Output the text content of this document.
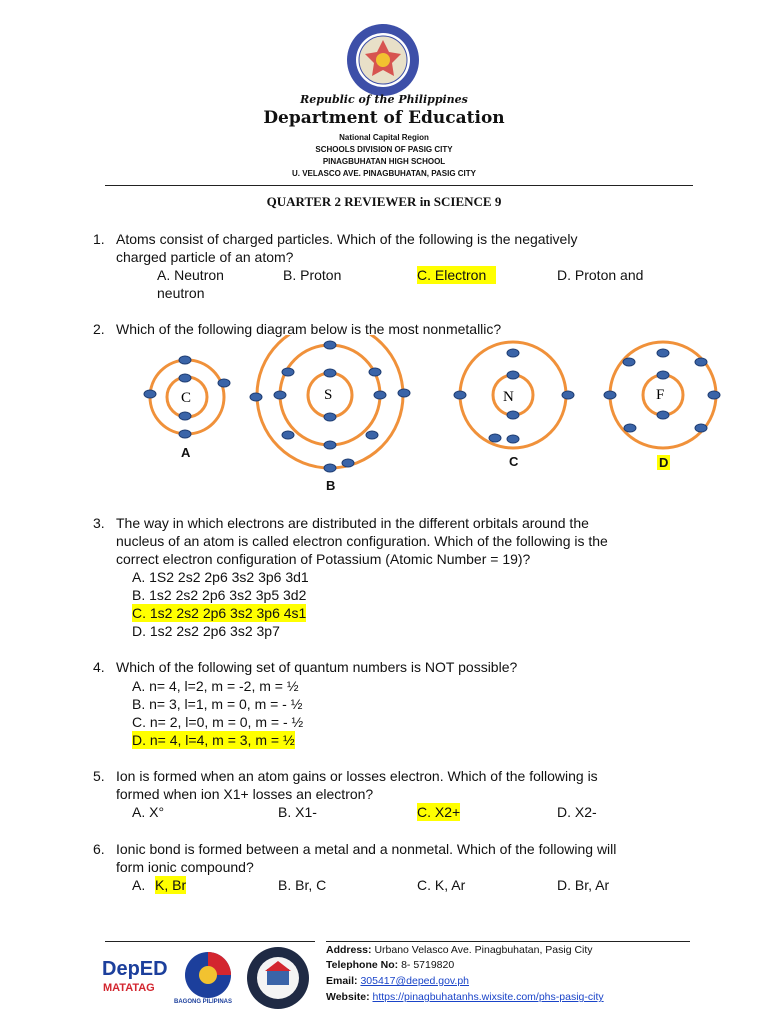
Republic of the Philippines
Department of Education
National Capital Region
SCHOOLS DIVISION OF PASIG CITY
PINAGBUHATAN HIGH SCHOOL
U. VELASCO AVE. PINAGBUHATAN, PASIG CITY
QUARTER 2 REVIEWER in SCIENCE 9
1. Atoms consist of charged particles. Which of the following is the negatively
charged particle of an atom?
A. Neutron	B. Proton	C. Electron	D. Proton and
neutron
2. Which of the following diagram below is the most nonmetallic?
C	S	N	F
A
B
C	D
3. The way in which electrons are distributed in the different orbitals around the
nucleus of an atom is called electron configuration. Which of the following is the
correct electron configuration of Potassium (Atomic Number = 19)?
A. 1S2 2s2 2p6 3s2 3p6 3d1
B. 1s2 2s2 2p6 3s2 3p5 3d2
C. 1s2 2s2 2p6 3s2 3p6 4s1
D. 1s2 2s2 2p6 3s2 3p7
4. Which of the following set of quantum numbers is NOT possible?
A. n= 4, l=2, m = -2, m = ½
B. n= 3, l=1, m = 0, m = - ½
C. n= 2, l=0, m = 0, m = - ½
D. n= 4, l=4, m = 3, m = ½
5. Ion is formed when an atom gains or losses electron. Which of the following is
formed when ion X1+ losses an electron?
A. X°	B. X1-	C. X2+	D. X2-
6. Ionic bond is formed between a metal and a nonmetal. Which of the following will
form ionic compound?
A. K, Br	B. Br, C	C. K, Ar	D. Br, Ar
DepED
MATATAG
BAGONG PILIPINAS
Address: Urbano Velasco Ave. Pinagbuhatan, Pasig City
Telephone No: 8- 5719820
Email: 305417@deped.gov.ph
Website: https://pinagbuhatanhs.wixsite.com/phs-pasig-city
